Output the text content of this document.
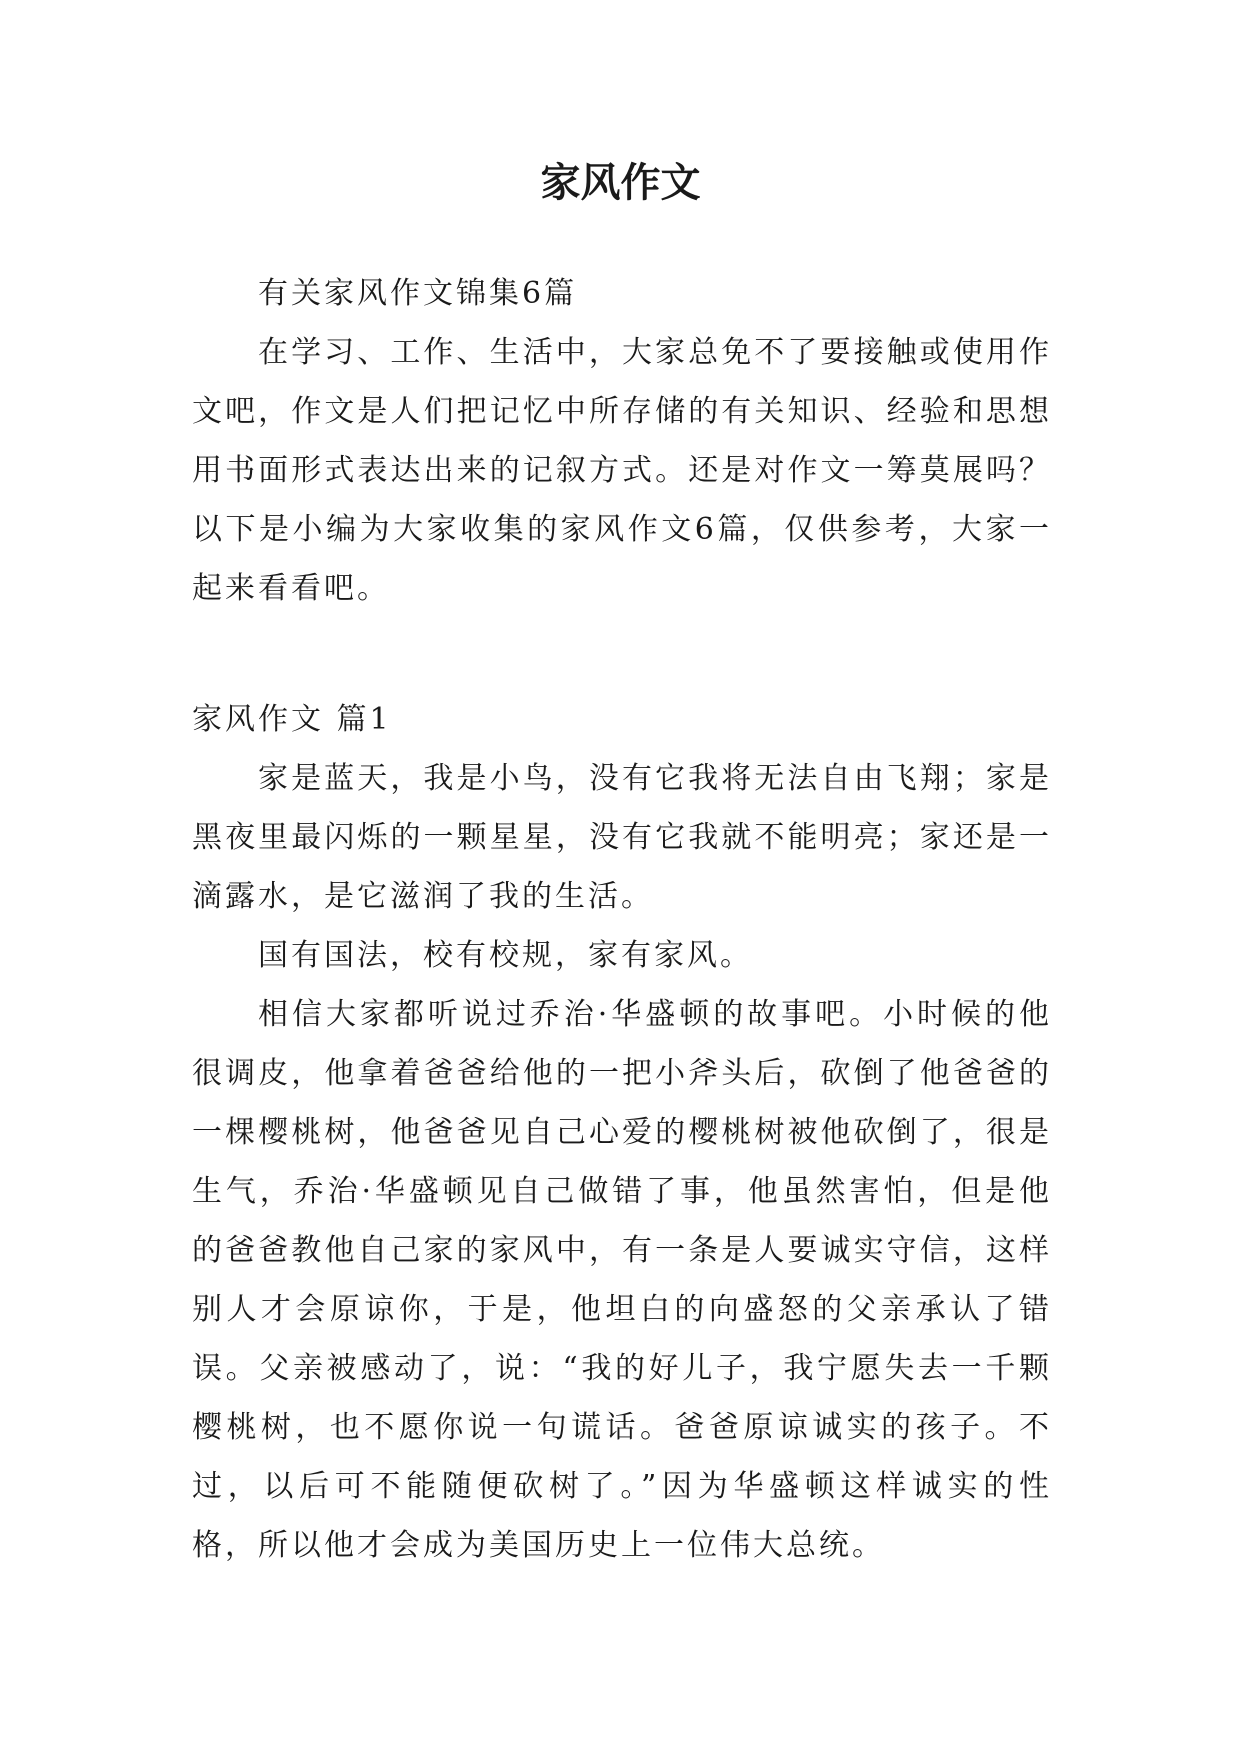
家风作文

有关家风作文锦集6篇

在学习、工作、生活中，大家总免不了要接触或使用作文吧，作文是人们把记忆中所存储的有关知识、经验和思想用书面形式表达出来的记叙方式。还是对作文一筹莫展吗？以下是小编为大家收集的家风作文6篇，仅供参考，大家一起来看看吧。

家风作文 篇1

家是蓝天，我是小鸟，没有它我将无法自由飞翔；家是黑夜里最闪烁的一颗星星，没有它我就不能明亮；家还是一滴露水，是它滋润了我的生活。

国有国法，校有校规，家有家风。

相信大家都听说过乔治·华盛顿的故事吧。小时候的他很调皮，他拿着爸爸给他的一把小斧头后，砍倒了他爸爸的一棵樱桃树，他爸爸见自己心爱的樱桃树被他砍倒了，很是生气，乔治·华盛顿见自己做错了事，他虽然害怕，但是他的爸爸教他自己家的家风中，有一条是人要诚实守信，这样别人才会原谅你，于是，他坦白的向盛怒的父亲承认了错误。父亲被感动了，说：“我的好儿子，我宁愿失去一千颗樱桃树，也不愿你说一句谎话。爸爸原谅诚实的孩子。不过，以后可不能随便砍树了。”因为华盛顿这样诚实的性格，所以他才会成为美国历史上一位伟大总统。
